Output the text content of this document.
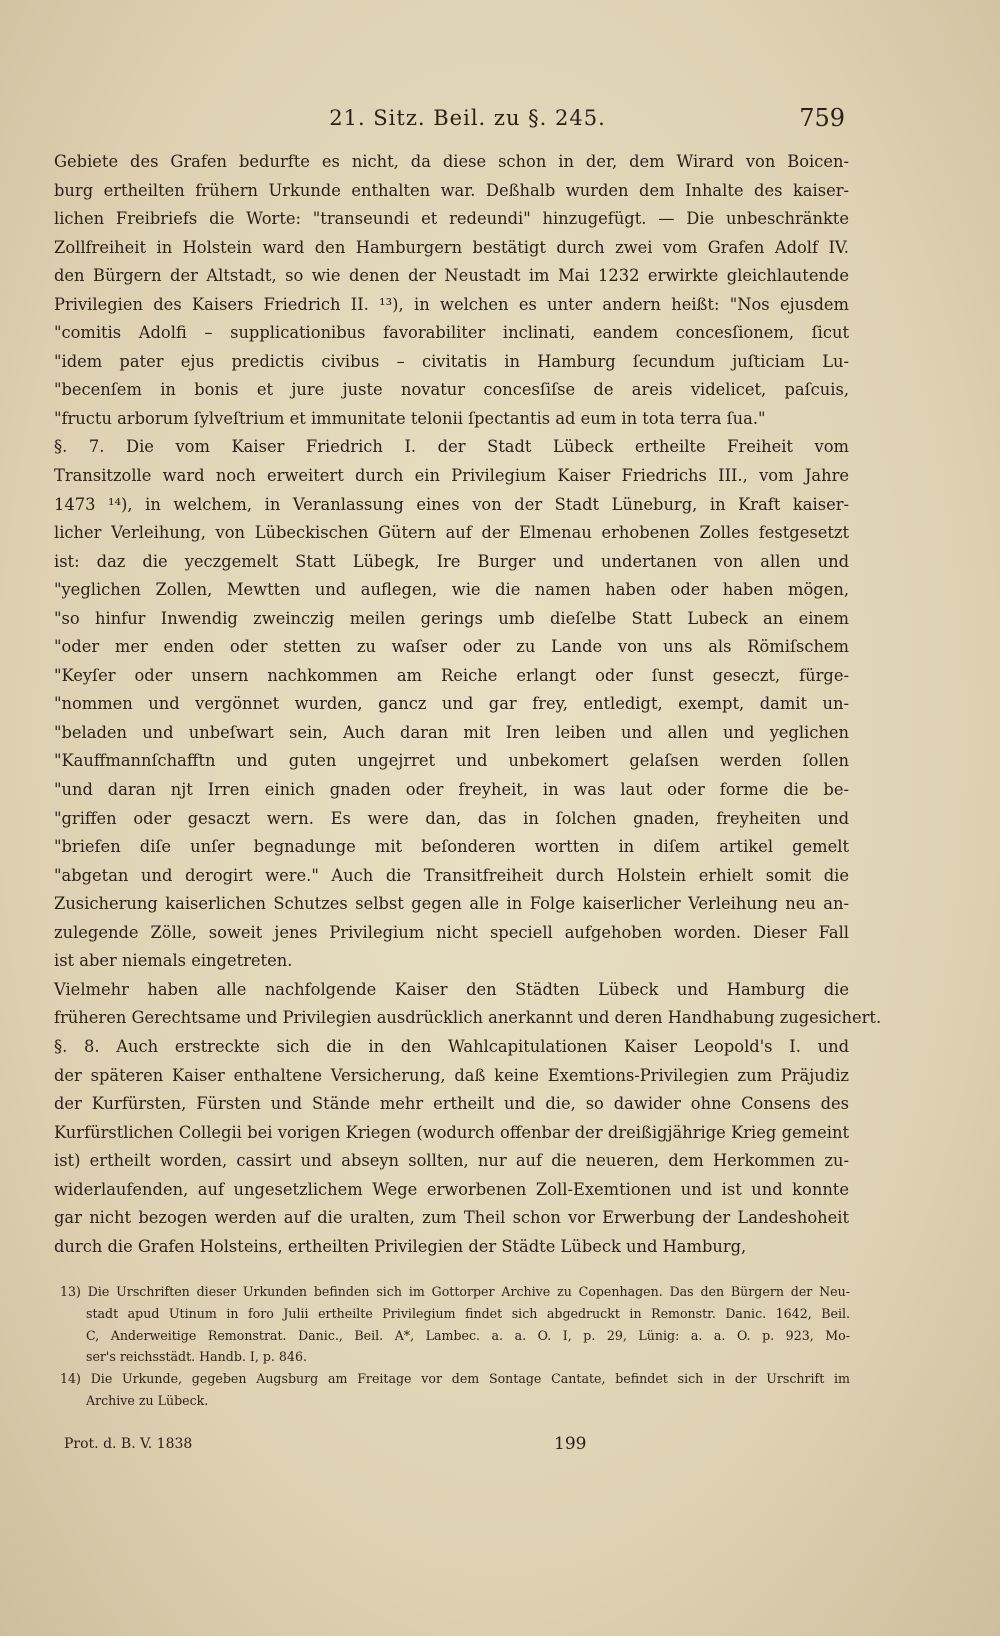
21. Sitz. Beil. zu §. 245.	759
Gebiete des Grafen bedurfte es nicht, da diese schon in der, dem Wirard von Boicen-
burg ertheilten frühern Urkunde enthalten war. Deßhalb wurden dem Inhalte des kaiser-
lichen Freibriefs die Worte: "transeundi et redeundi" hinzugefügt. — Die unbeschränkte
Zollfreiheit in Holstein ward den Hamburgern bestätigt durch zwei vom Grafen Adolf IV.
den Bürgern der Altstadt, so wie denen der Neustadt im Mai 1232 erwirkte gleichlautende
Privilegien des Kaisers Friedrich II. ¹³), in welchen es unter andern heißt: "Nos ejusdem
"comitis Adolfi – supplicationibus favorabiliter inclinati, eandem concesſionem, ſicut
"idem pater ejus predictis civibus – civitatis in Hamburg ſecundum juſticiam Lu-
"becenſem in bonis et jure juste novatur concesſiſse de areis videlicet, paſcuis,
"fructu arborum ſylveſtrium et immunitate telonii ſpectantis ad eum in tota terra ſua."
§. 7. Die vom Kaiser Friedrich I. der Stadt Lübeck ertheilte Freiheit vom
Transitzolle ward noch erweitert durch ein Privilegium Kaiser Friedrichs III., vom Jahre
1473 ¹⁴), in welchem, in Veranlassung eines von der Stadt Lüneburg, in Kraft kaiser-
licher Verleihung, von Lübeckischen Gütern auf der Elmenau erhobenen Zolles festgesetzt
ist: daz die yeczgemelt Statt Lübegk, Ire Burger und undertanen von allen und
"yeglichen Zollen, Mewtten und auflegen, wie die namen haben oder haben mögen,
"so hinfur Inwendig zweinczig meilen gerings umb dieſelbe Statt Lubeck an einem
"oder mer enden oder stetten zu waſser oder zu Lande von uns als Römiſschem
"Keyſer oder unsern nachkommen am Reiche erlangt oder ſunst geseczt, fürge-
"nommen und vergönnet wurden, gancz und gar frey, entledigt, exempt, damit un-
"beladen und unbeſwart sein, Auch daran mit Iren leiben und allen und yeglichen
"Kauffmannſchafftn und guten ungejrret und unbekomert gelaſsen werden ſollen
"und daran njt Irren einich gnaden oder freyheit, in was laut oder forme die be-
"griffen oder gesaczt wern. Es were dan, das in ſolchen gnaden, freyheiten und
"briefen diſe unſer begnadunge mit beſonderen wortten in diſem artikel gemelt
"abgetan und derogirt were." Auch die Transitfreiheit durch Holstein erhielt somit die
Zusicherung kaiserlichen Schutzes selbst gegen alle in Folge kaiserlicher Verleihung neu an-
zulegende Zölle, soweit jenes Privilegium nicht speciell aufgehoben worden. Dieser Fall
ist aber niemals eingetreten.
Vielmehr haben alle nachfolgende Kaiser den Städten Lübeck und Hamburg die
früheren Gerechtsame und Privilegien ausdrücklich anerkannt und deren Handhabung zugesichert.
§. 8. Auch erstreckte sich die in den Wahlcapitulationen Kaiser Leopold's I. und
der späteren Kaiser enthaltene Versicherung, daß keine Exemtions-Privilegien zum Präjudiz
der Kurfürsten, Fürsten und Stände mehr ertheilt und die, so dawider ohne Consens des
Kurfürstlichen Collegii bei vorigen Kriegen (wodurch offenbar der dreißigjährige Krieg gemeint
ist) ertheilt worden, cassirt und abseyn sollten, nur auf die neueren, dem Herkommen zu-
widerlaufenden, auf ungesetzlichem Wege erworbenen Zoll-Exemtionen und ist und konnte
gar nicht bezogen werden auf die uralten, zum Theil schon vor Erwerbung der Landeshoheit
durch die Grafen Holsteins, ertheilten Privilegien der Städte Lübeck und Hamburg,
13) Die Urschriften dieser Urkunden befinden sich im Gottorper Archive zu Copenhagen. Das den Bürgern der Neu-
stadt apud Utinum in foro Julii ertheilte Privilegium findet sich abgedruckt in Remonstr. Danic. 1642, Beil.
C, Anderweitige Remonstrat. Danic., Beil. A*, Lambec. a. a. O. I, p. 29, Lünig: a. a. O. p. 923, Mo-
ser's reichsstädt. Handb. I, p. 846.
14) Die Urkunde, gegeben Augsburg am Freitage vor dem Sontage Cantate, befindet sich in der Urschrift im
Archive zu Lübeck.
Prot. d. B. V. 1838	199
